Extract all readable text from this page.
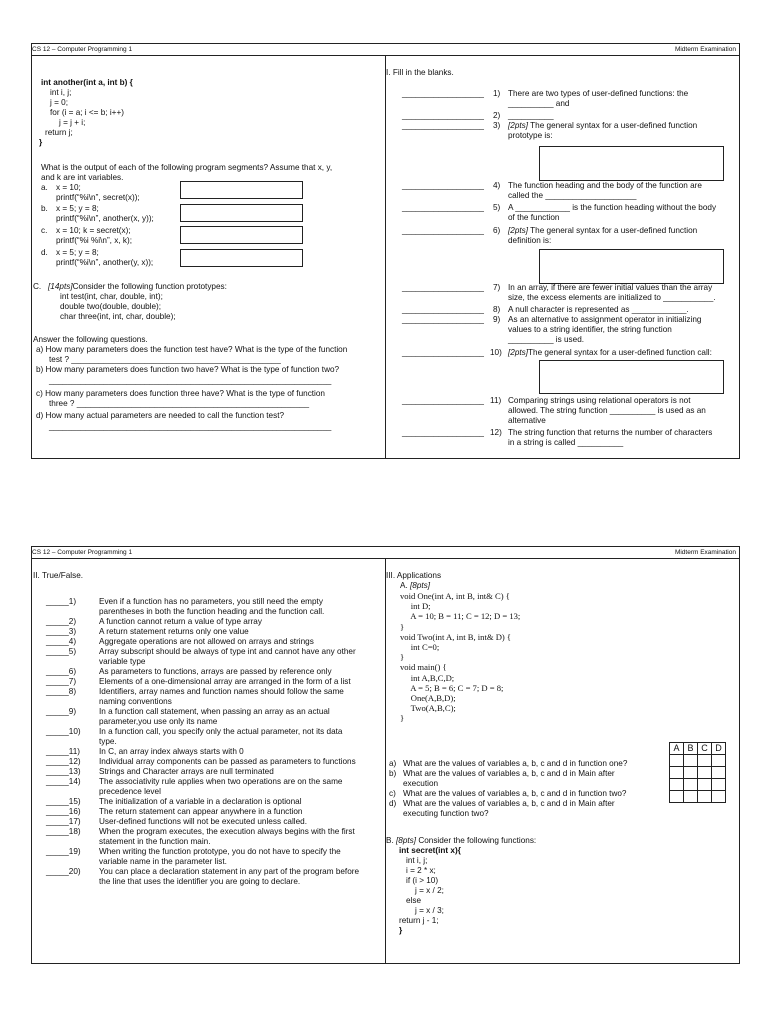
CS 12 – Computer Programming 1	Midterm Examination
int another(int a, int b) {
int i, j;
j = 0;
for (i = a; i <= b; i++)
j = j + i;
return j;
}
What is the output of each of the following program segments? Assume that x, y,
and k are int variables.
a. x = 10;
printf(“%i\n”, secret(x));
b. x = 5; y = 8;
printf(“%i\n”, another(x, y));
c. x = 10; k = secret(x);
printf(“%i %i\n”, x, k);
d. x = 5; y = 8;
printf(“%i\n”, another(y, x));
C. [14pts]Consider the following function prototypes:
int test(int, char, double, int);
double two(double, double);
char three(int, int, char, double);
Answer the following questions.
a) How many parameters does the function test have? What is the type of the function
test ? ______________________________________________
b) How many parameters does function two have? What is the type of function two?
______________________________________________________________
c) How many parameters does function three have? What is the type of function
three ? ___________________________________________________
d) How many actual parameters are needed to call the function test?
______________________________________________________________
I. Fill in the blanks.
__________________ 1) There are two types of user-defined functions: the
__________ and
__________________ 2) __________
__________________ 3) [2pts] The general syntax for a user-defined function
prototype is:
__________________ 4) The function heading and the body of the function are
called the ____________________
__________________ 5) A ____________ is the function heading without the body
of the function
__________________ 6) [2pts] The general syntax for a user-defined function
definition is:
__________________ 7) In an array, if there are fewer initial values than the array
size, the excess elements are initialized to ___________.
__________________ 8) A null character is represented as ____________.
__________________ 9) As an alternative to assignment operator in initializing
values to a string identifier, the string function
__________ is used.
__________________ 10) [2pts]The general syntax for a user-defined function call:
__________________ 11) Comparing strings using relational operators is not
allowed. The string function __________ is used as an
alternative
__________________ 12) The string function that returns the number of characters
in a string is called __________
CS 12 – Computer Programming 1	Midterm Examination
II. True/False.
_____1)	Even if a function has no parameters, you still need the empty
parentheses in both the function heading and the function call.
_____2)	A function cannot return a value of type array
_____3)	A return statement returns only one value
_____4)	Aggregate operations are not allowed on arrays and strings
_____5)	Array subscript should be always of type int and cannot have any other
variable type
_____6)	As parameters to functions, arrays are passed by reference only
_____7)	Elements of a one-dimensional array are arranged in the form of a list
_____8)	Identifiers, array names and function names should follow the same
naming conventions
_____9)	In a function call statement, when passing an array as an actual
parameter,you use only its name
_____10) In a function call, you specify only the actual parameter, not its data
type.
_____11) In C, an array index always starts with 0
_____12) Individual array components can be passed as parameters to functions
_____13) Strings and Character arrays are null terminated
_____14) The associativity rule applies when two operations are on the same
precedence level
_____15) The initialization of a variable in a declaration is optional
_____16) The return statement can appear anywhere in a function
_____17) User-defined functions will not be executed unless called.
_____18) When the program executes, the execution always begins with the first
statement in the function main.
_____19) When writing the function prototype, you do not have to specify the
variable name in the parameter list.
_____20) You can place a declaration statement in any part of the program before
the line that uses the identifier you are going to declare.
III. Applications
A. [8pts]
void One(int A, int B, int& C) {
int D;
A = 10; B = 11; C = 12; D = 13;
}
void Two(int A, int B, int& D) {
int C=0;
}
void main() {
int A,B,C,D;
A = 5; B = 6; C = 7; D = 8;
One(A,B,D);
Two(A,B,C);
}
a) What are the values of variables a, b, c and d in function one?
b) What are the values of variables a, b, c and d in Main after
execution
c) What are the values of variables a, b, c and d in function two?
d) What are the values of variables a, b, c and d in Main after
executing function two?
A	B	C	D

B. [8pts] Consider the following functions:
int secret(int x){
int i, j;
i = 2 * x;
if (i > 10)
j = x / 2;
else
j = x / 3;
return j - 1;
}
